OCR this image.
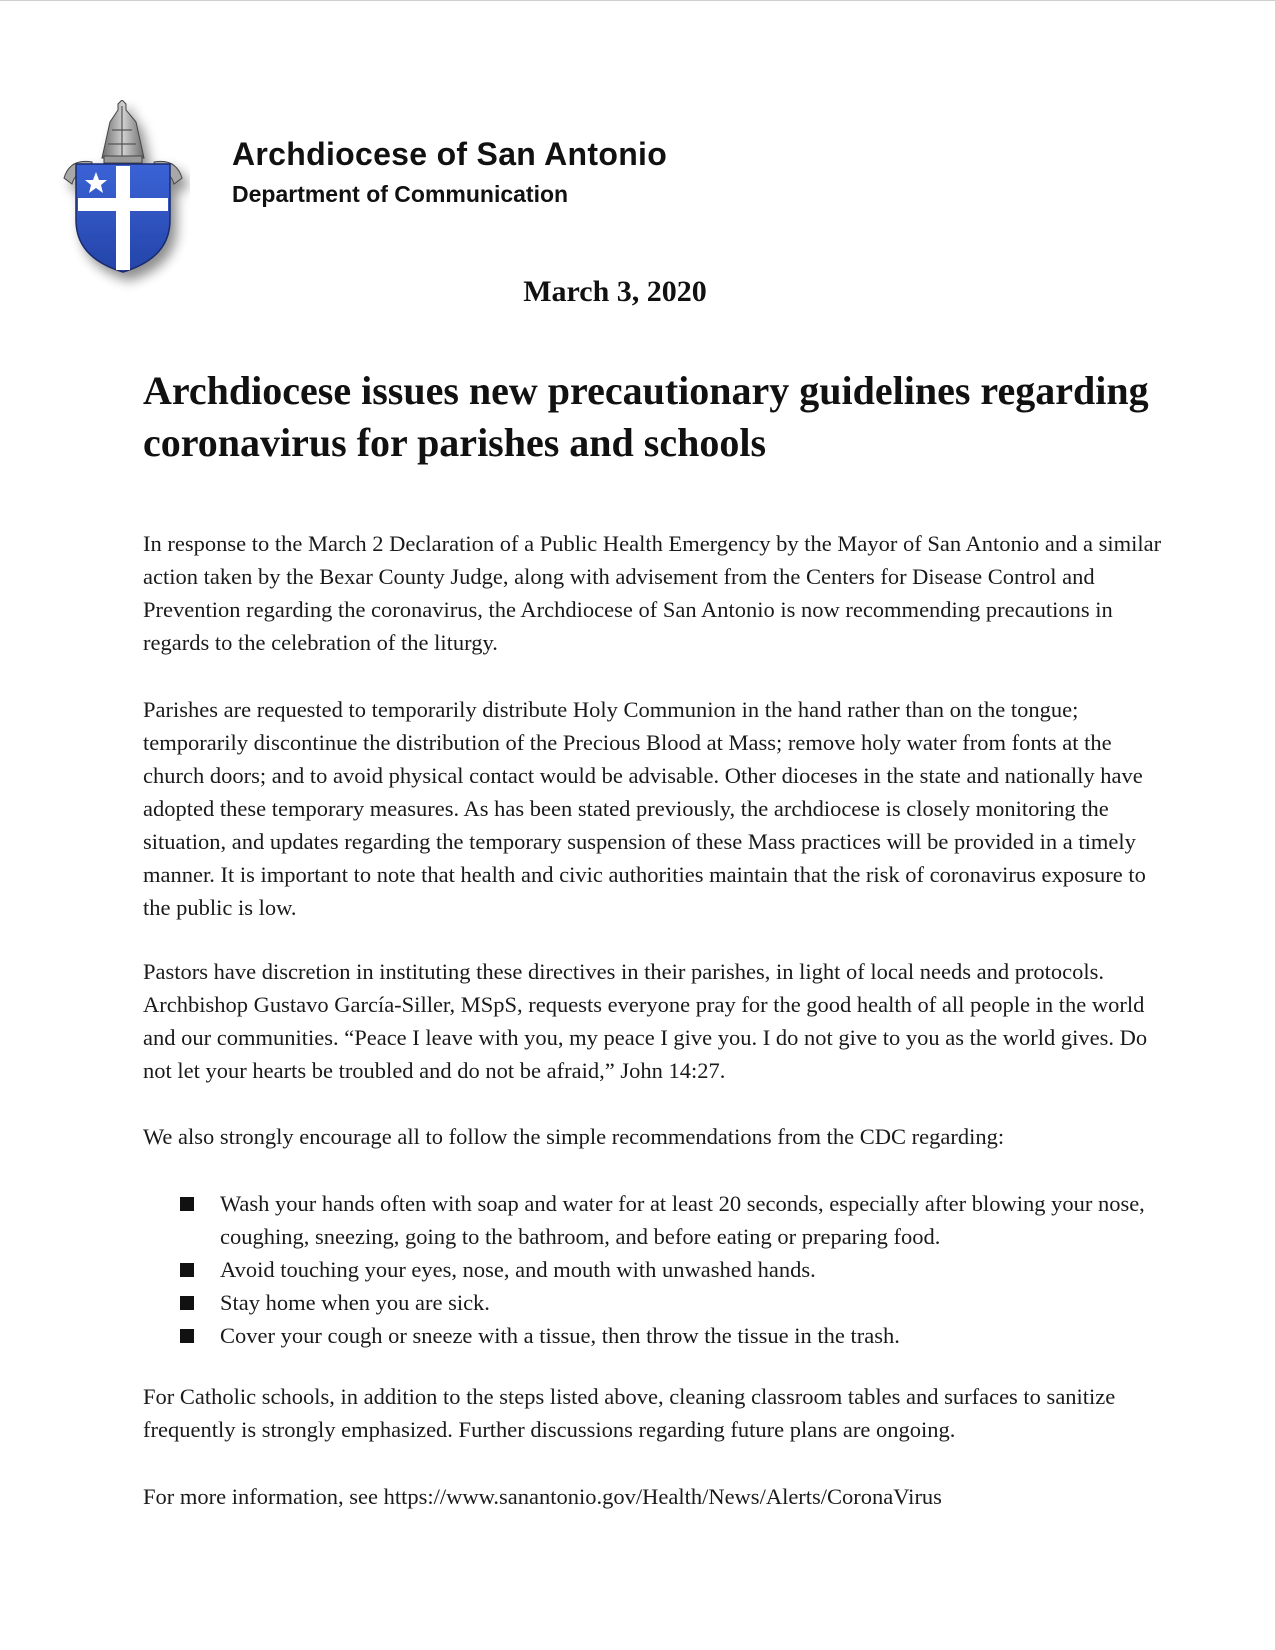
Archdiocese of San Antonio
Department of Communication
March 3, 2020
Archdiocese issues new precautionary guidelines regarding coronavirus for parishes and schools

In response to the March 2 Declaration of a Public Health Emergency by the Mayor of San Antonio and a similar action taken by the Bexar County Judge, along with advisement from the Centers for Disease Control and Prevention regarding the coronavirus, the Archdiocese of San Antonio is now recommending precautions in regards to the celebration of the liturgy.

Parishes are requested to temporarily distribute Holy Communion in the hand rather than on the tongue; temporarily discontinue the distribution of the Precious Blood at Mass; remove holy water from fonts at the church doors; and to avoid physical contact would be advisable. Other dioceses in the state and nationally have adopted these temporary measures. As has been stated previously, the archdiocese is closely monitoring the situation, and updates regarding the temporary suspension of these Mass practices will be provided in a timely manner. It is important to note that health and civic authorities maintain that the risk of coronavirus exposure to the public is low.

Pastors have discretion in instituting these directives in their parishes, in light of local needs and protocols. Archbishop Gustavo García-Siller, MSpS, requests everyone pray for the good health of all people in the world and our communities. “Peace I leave with you, my peace I give you. I do not give to you as the world gives. Do not let your hearts be troubled and do not be afraid,” John 14:27.

We also strongly encourage all to follow the simple recommendations from the CDC regarding:

Wash your hands often with soap and water for at least 20 seconds, especially after blowing your nose, coughing, sneezing, going to the bathroom, and before eating or preparing food.
Avoid touching your eyes, nose, and mouth with unwashed hands.
Stay home when you are sick.
Cover your cough or sneeze with a tissue, then throw the tissue in the trash.

For Catholic schools, in addition to the steps listed above, cleaning classroom tables and surfaces to sanitize frequently is strongly emphasized. Further discussions regarding future plans are ongoing.

For more information, see https://www.sanantonio.gov/Health/News/Alerts/CoronaVirus
